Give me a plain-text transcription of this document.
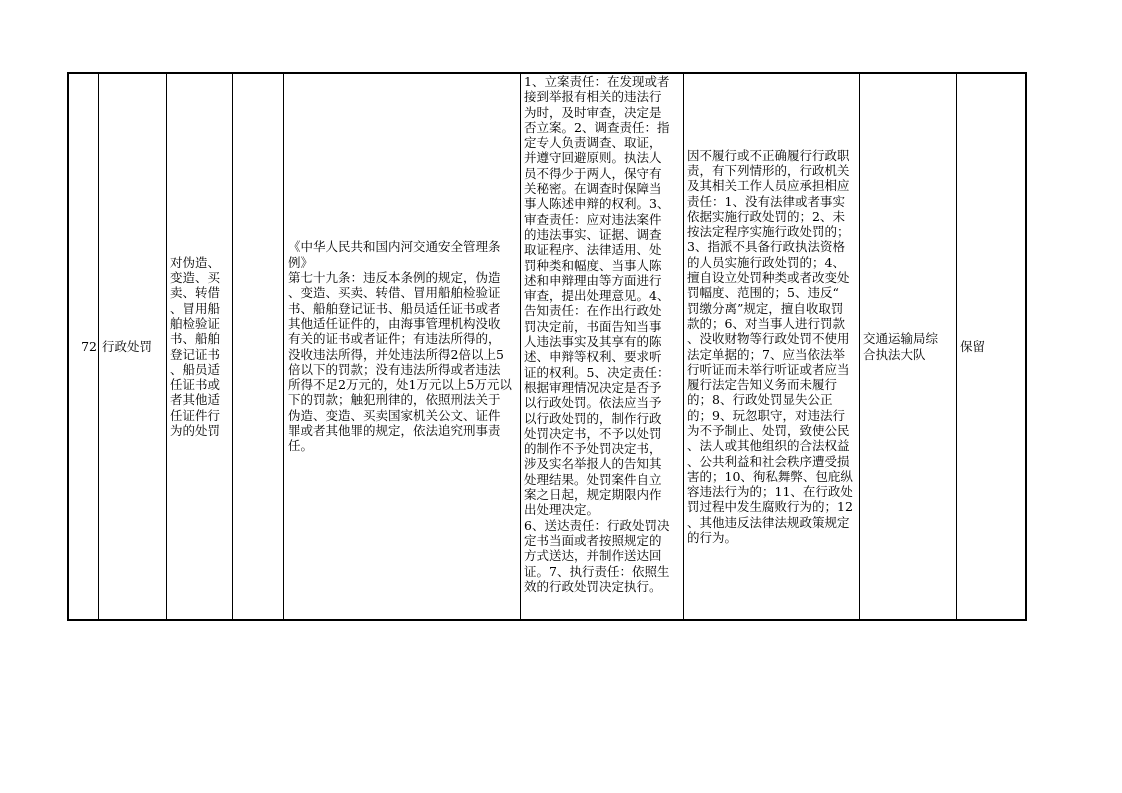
72 行政处罚
对伪造、
变造、买
卖、转借
、冒用船
舶检验证
书、船舶
登记证书
、船员适
任证书或
者其他适
任证件行
为的处罚
《中华人民共和国内河交通安全管理条
例》
第七十九条：违反本条例的规定，伪造
、变造、买卖、转借、冒用船舶检验证
书、船舶登记证书、船员适任证书或者
其他适任证件的，由海事管理机构没收
有关的证书或者证件；有违法所得的，
没收违法所得，并处违法所得2倍以上5
倍以下的罚款；没有违法所得或者违法
所得不足2万元的，处1万元以上5万元以
下的罚款；触犯刑律的，依照刑法关于
伪造、变造、买卖国家机关公文、证件
罪或者其他罪的规定，依法追究刑事责
任。
1、立案责任：在发现或者
接到举报有相关的违法行
为时，及时审查，决定是
否立案。2、调查责任：指
定专人负责调查、取证，
并遵守回避原则。执法人
员不得少于两人，保守有
关秘密。在调查时保障当
事人陈述申辩的权利。3、
审查责任：应对违法案件
的违法事实、证据、调查
取证程序、法律适用、处
罚种类和幅度、当事人陈
述和申辩理由等方面进行
审查，提出处理意见。4、
告知责任：在作出行政处
罚决定前，书面告知当事
人违法事实及其享有的陈
述、申辩等权利、要求听
证的权利。5、决定责任：
根据审理情况决定是否予
以行政处罚。依法应当予
以行政处罚的，制作行政
处罚决定书，不予以处罚
的制作不予处罚决定书，
涉及实名举报人的告知其
处理结果。处罚案件自立
案之日起，规定期限内作
出处理决定。
6、送达责任：行政处罚决
定书当面或者按照规定的
方式送达，并制作送达回
证。7、执行责任：依照生
效的行政处罚决定执行。
因不履行或不正确履行行政职
责，有下列情形的，行政机关
及其相关工作人员应承担相应
责任：1、没有法律或者事实
依据实施行政处罚的；2、未
按法定程序实施行政处罚的；
3、指派不具备行政执法资格
的人员实施行政处罚的；4、
擅自设立处罚种类或者改变处
罚幅度、范围的；5、违反“
罚缴分离”规定，擅自收取罚
款的；6、对当事人进行罚款
、没收财物等行政处罚不使用
法定单据的；7、应当依法举
行听证而未举行听证或者应当
履行法定告知义务而未履行
的；8、行政处罚显失公正
的；9、玩忽职守，对违法行
为不予制止、处罚，致使公民
、法人或其他组织的合法权益
、公共利益和社会秩序遭受损
害的；10、徇私舞弊、包庇纵
容违法行为的；11、在行政处
罚过程中发生腐败行为的；12
、其他违反法律法规政策规定
的行为。
交通运输局综
合执法大队
保留
